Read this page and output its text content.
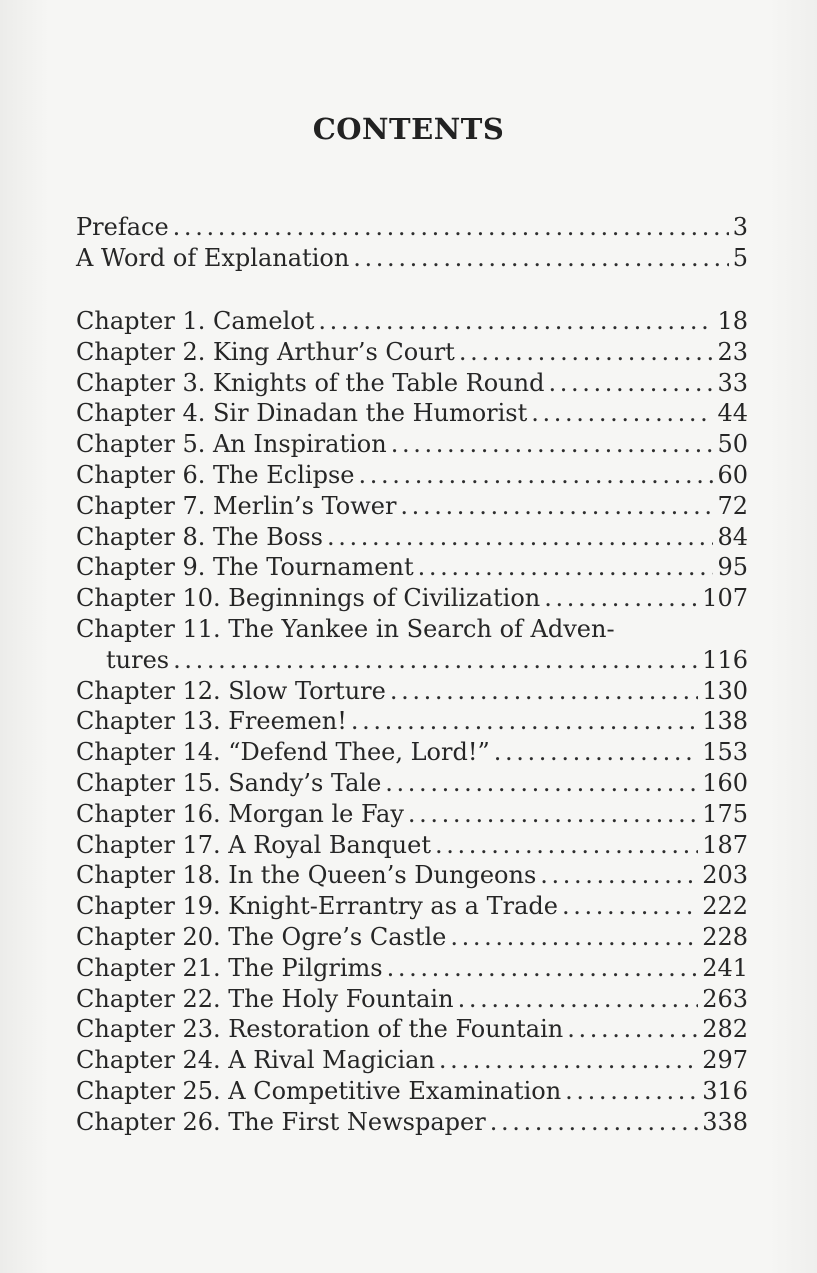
CONTENTS
Preface . . .	3
A Word of Explanation . . .	5
Chapter 1. Camelot . . .	18
Chapter 2. King Arthur’s Court . . .	23
Chapter 3. Knights of the Table Round . . .	33
Chapter 4. Sir Dinadan the Humorist . . .	44
Chapter 5. An Inspiration . . .	50
Chapter 6. The Eclipse . . .	60
Chapter 7. Merlin’s Tower . . .	72
Chapter 8. The Boss . . .	84
Chapter 9. The Tournament . . .	95
Chapter 10. Beginnings of Civilization . . .	107
Chapter 11. The Yankee in Search of Adven-
tures . . .	116
Chapter 12. Slow Torture . . .	130
Chapter 13. Freemen! . . .	138
Chapter 14. “Defend Thee, Lord!” . . .	153
Chapter 15. Sandy’s Tale . . .	160
Chapter 16. Morgan le Fay . . .	175
Chapter 17. A Royal Banquet . . .	187
Chapter 18. In the Queen’s Dungeons . . .	203
Chapter 19. Knight-Errantry as a Trade . . .	222
Chapter 20. The Ogre’s Castle . . .	228
Chapter 21. The Pilgrims . . .	241
Chapter 22. The Holy Fountain . . .	263
Chapter 23. Restoration of the Fountain . . .	282
Chapter 24. A Rival Magician . . .	297
Chapter 25. A Competitive Examination . . .	316
Chapter 26. The First Newspaper . . .	338
